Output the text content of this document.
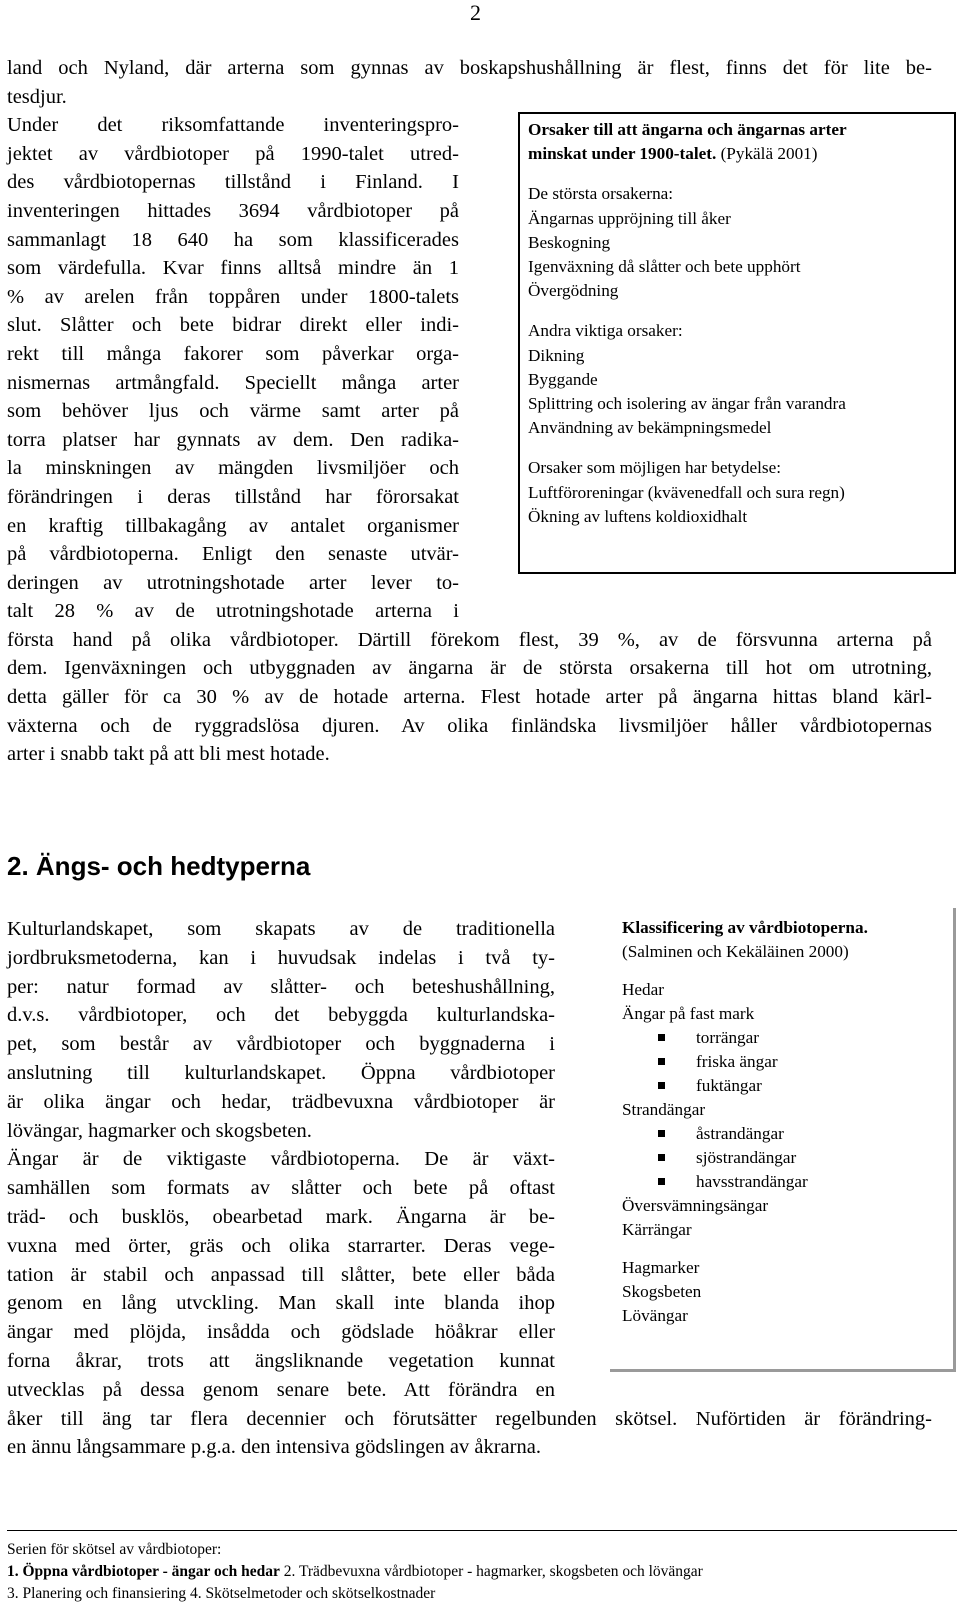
2
land och Nyland, där arterna som gynnas av boskapshushållning är flest, finns det för lite be-
tesdjur.
Under det riksomfattande inventeringspro-
jektet av vårdbiotoper på 1990-talet utred-
des vårdbiotopernas tillstånd i Finland. I
inventeringen hittades 3694 vårdbiotoper på
sammanlagt 18 640 ha som klassificerades
som värdefulla. Kvar finns alltså mindre än 1
% av arelen från toppåren under 1800-talets
slut. Slåtter och bete bidrar direkt eller indi-
rekt till många fakorer som påverkar orga-
nismernas artmångfald. Speciellt många arter
som behöver ljus och värme samt arter på
torra platser har gynnats av dem. Den radika-
la minskningen av mängden livsmiljöer och
förändringen i deras tillstånd har förorsakat
en kraftig tillbakagång av antalet organismer
på vårdbiotoperna. Enligt den senaste utvär-
deringen av utrotningshotade arter lever to-
talt 28 % av de utrotningshotade arterna i
första hand på olika vårdbiotoper. Därtill förekom flest, 39 %, av de försvunna arterna på
dem. Igenväxningen och utbyggnaden av ängarna är de största orsakerna till hot om utrotning,
detta gäller för ca 30 % av de hotade arterna. Flest hotade arter på ängarna hittas bland kärl-
växterna och de ryggradslösa djuren. Av olika finländska livsmiljöer håller vårdbiotopernas
arter i snabb takt på att bli mest hotade.
Orsaker till att ängarna och ängarnas arter
minskat under 1900-talet. (Pykälä 2001)
De största orsakerna:
Ängarnas uppröjning till åker
Beskogning
Igenväxning då slåtter och bete upphört
Övergödning
Andra viktiga orsaker:
Dikning
Byggande
Splittring och isolering av ängar från varandra
Användning av bekämpningsmedel
Orsaker som möjligen har betydelse:
Luftföroreningar (kvävenedfall och sura regn)
Ökning av luftens koldioxidhalt
2. Ängs- och hedtyperna
Kulturlandskapet, som skapats av de traditionella
jordbruksmetoderna, kan i huvudsak indelas i två ty-
per: natur formad av slåtter- och beteshushållning,
d.v.s. vårdbiotoper, och det bebyggda kulturlandska-
pet, som består av vårdbiotoper och byggnaderna i
anslutning till kulturlandskapet. Öppna vårdbiotoper
är olika ängar och hedar, trädbevuxna vårdbiotoper är
lövängar, hagmarker och skogsbeten.
Ängar är de viktigaste vårdbiotoperna. De är växt-
samhällen som formats av slåtter och bete på oftast
träd- och busklös, obearbetad mark. Ängarna är be-
vuxna med örter, gräs och olika starrarter. Deras vege-
tation är stabil och anpassad till slåtter, bete eller båda
genom en lång utvckling. Man skall inte blanda ihop
ängar med plöjda, insådda och gödslade höåkrar eller
forna åkrar, trots att ängsliknande vegetation kunnat
utvecklas på dessa genom senare bete. Att förändra en
åker till äng tar flera decennier och förutsätter regelbunden skötsel. Nuförtiden är förändring-
en ännu långsammare p.g.a. den intensiva gödslingen av åkrarna.
Klassificering av vårdbiotoperna.
(Salminen och Kekäläinen 2000)
Hedar
Ängar på fast mark
torrängar
friska ängar
fuktängar
Strandängar
åstrandängar
sjöstrandängar
havsstrandängar
Översvämningsängar
Kärrängar
Hagmarker
Skogsbeten
Lövängar
Serien för skötsel av vårdbiotoper:
1. Öppna vårdbiotoper - ängar och hedar 2. Trädbevuxna vårdbiotoper - hagmarker, skogsbeten och lövängar
3. Planering och finansiering 4. Skötselmetoder och skötselkostnader
